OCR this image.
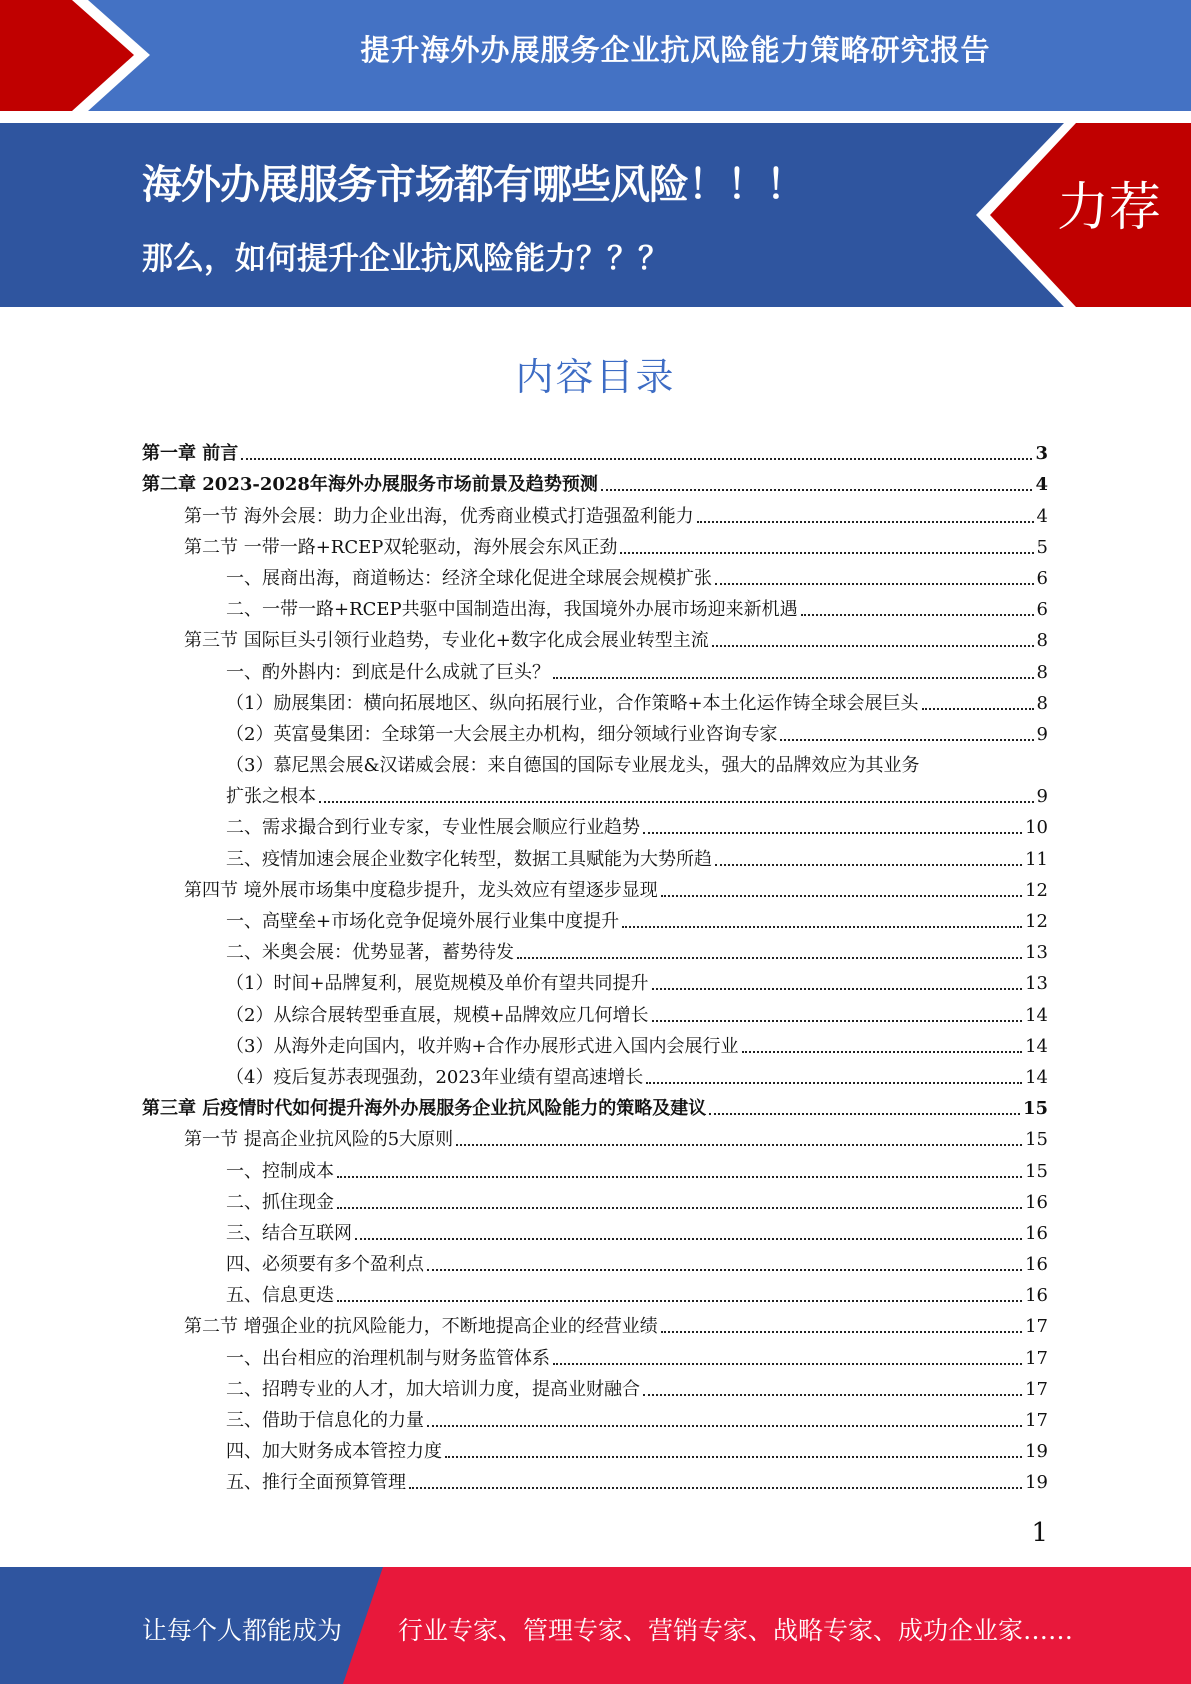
提升海外办展服务企业抗风险能力策略研究报告
海外办展服务市场都有哪些风险！！！
那么，如何提升企业抗风险能力？？？
力荐
内容目录
第一章 前言	3
第二章 2023-2028年海外办展服务市场前景及趋势预测	4
第一节 海外会展：助力企业出海，优秀商业模式打造强盈利能力	4
第二节 一带一路+RCEP双轮驱动，海外展会东风正劲	5
一、展商出海，商道畅达：经济全球化促进全球展会规模扩张	6
二、一带一路+RCEP共驱中国制造出海，我国境外办展市场迎来新机遇	6
第三节 国际巨头引领行业趋势，专业化+数字化成会展业转型主流	8
一、酌外斟内：到底是什么成就了巨头？	8
（1）励展集团：横向拓展地区、纵向拓展行业，合作策略+本土化运作铸全球会展巨头	8
（2）英富曼集团：全球第一大会展主办机构，细分领域行业咨询专家	9
（3）慕尼黑会展&汉诺威会展：来自德国的国际专业展龙头，强大的品牌效应为其业务
扩张之根本	9
二、需求撮合到行业专家，专业性展会顺应行业趋势	10
三、疫情加速会展企业数字化转型，数据工具赋能为大势所趋	11
第四节 境外展市场集中度稳步提升，龙头效应有望逐步显现	12
一、高壁垒+市场化竞争促境外展行业集中度提升	12
二、米奥会展：优势显著，蓄势待发	13
（1）时间+品牌复利，展览规模及单价有望共同提升	13
（2）从综合展转型垂直展，规模+品牌效应几何增长	14
（3）从海外走向国内，收并购+合作办展形式进入国内会展行业	14
（4）疫后复苏表现强劲，2023年业绩有望高速增长	14
第三章 后疫情时代如何提升海外办展服务企业抗风险能力的策略及建议	15
第一节 提高企业抗风险的5大原则	15
一、控制成本	15
二、抓住现金	16
三、结合互联网	16
四、必须要有多个盈利点	16
五、信息更迭	16
第二节 增强企业的抗风险能力，不断地提高企业的经营业绩	17
一、出台相应的治理机制与财务监管体系	17
二、招聘专业的人才，加大培训力度，提高业财融合	17
三、借助于信息化的力量	17
四、加大财务成本管控力度	19
五、推行全面预算管理	19
1
让每个人都能成为 行业专家、管理专家、营销专家、战略专家、成功企业家……
